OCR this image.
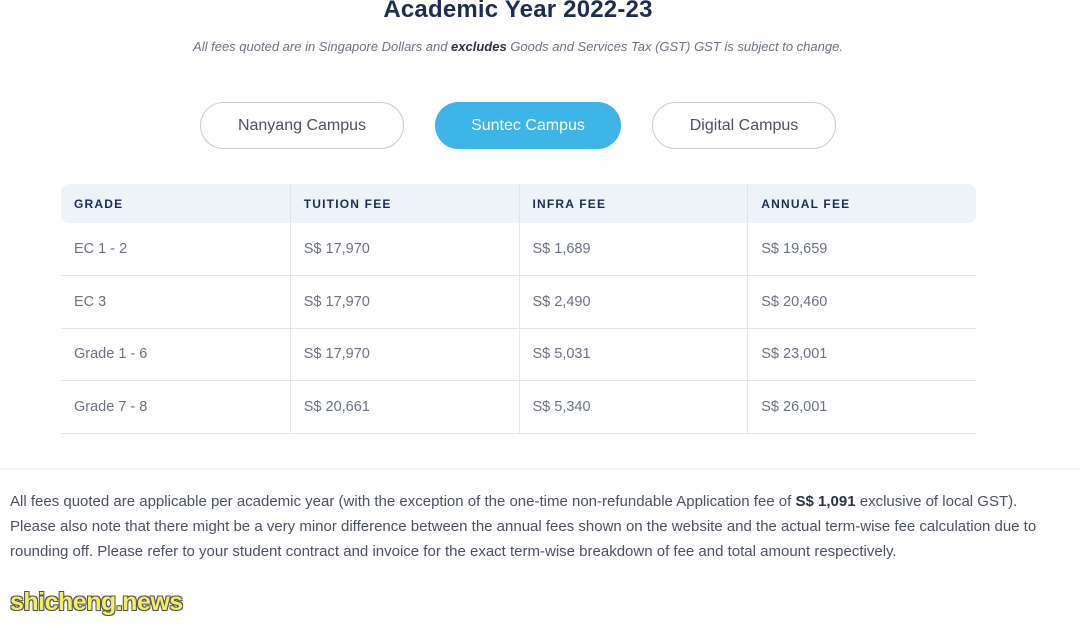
Academic Year 2022-23
All fees quoted are in Singapore Dollars and excludes Goods and Services Tax (GST) GST is subject to change.
Nanyang Campus	Suntec Campus	Digital Campus
GRADE	TUITION FEE	INFRA FEE	ANNUAL FEE
EC 1 - 2	S$ 17,970	S$ 1,689	S$ 19,659
EC 3	S$ 17,970	S$ 2,490	S$ 20,460
Grade 1 - 6	S$ 17,970	S$ 5,031	S$ 23,001
Grade 7 - 8	S$ 20,661	S$ 5,340	S$ 26,001
All fees quoted are applicable per academic year (with the exception of the one-time non-refundable Application fee of S$ 1,091 exclusive of local GST).
Please also note that there might be a very minor difference between the annual fees shown on the website and the actual term-wise fee calculation due to rounding off. Please refer to your student contract and invoice for the exact term-wise breakdown of fee and total amount respectively.
shicheng.news
